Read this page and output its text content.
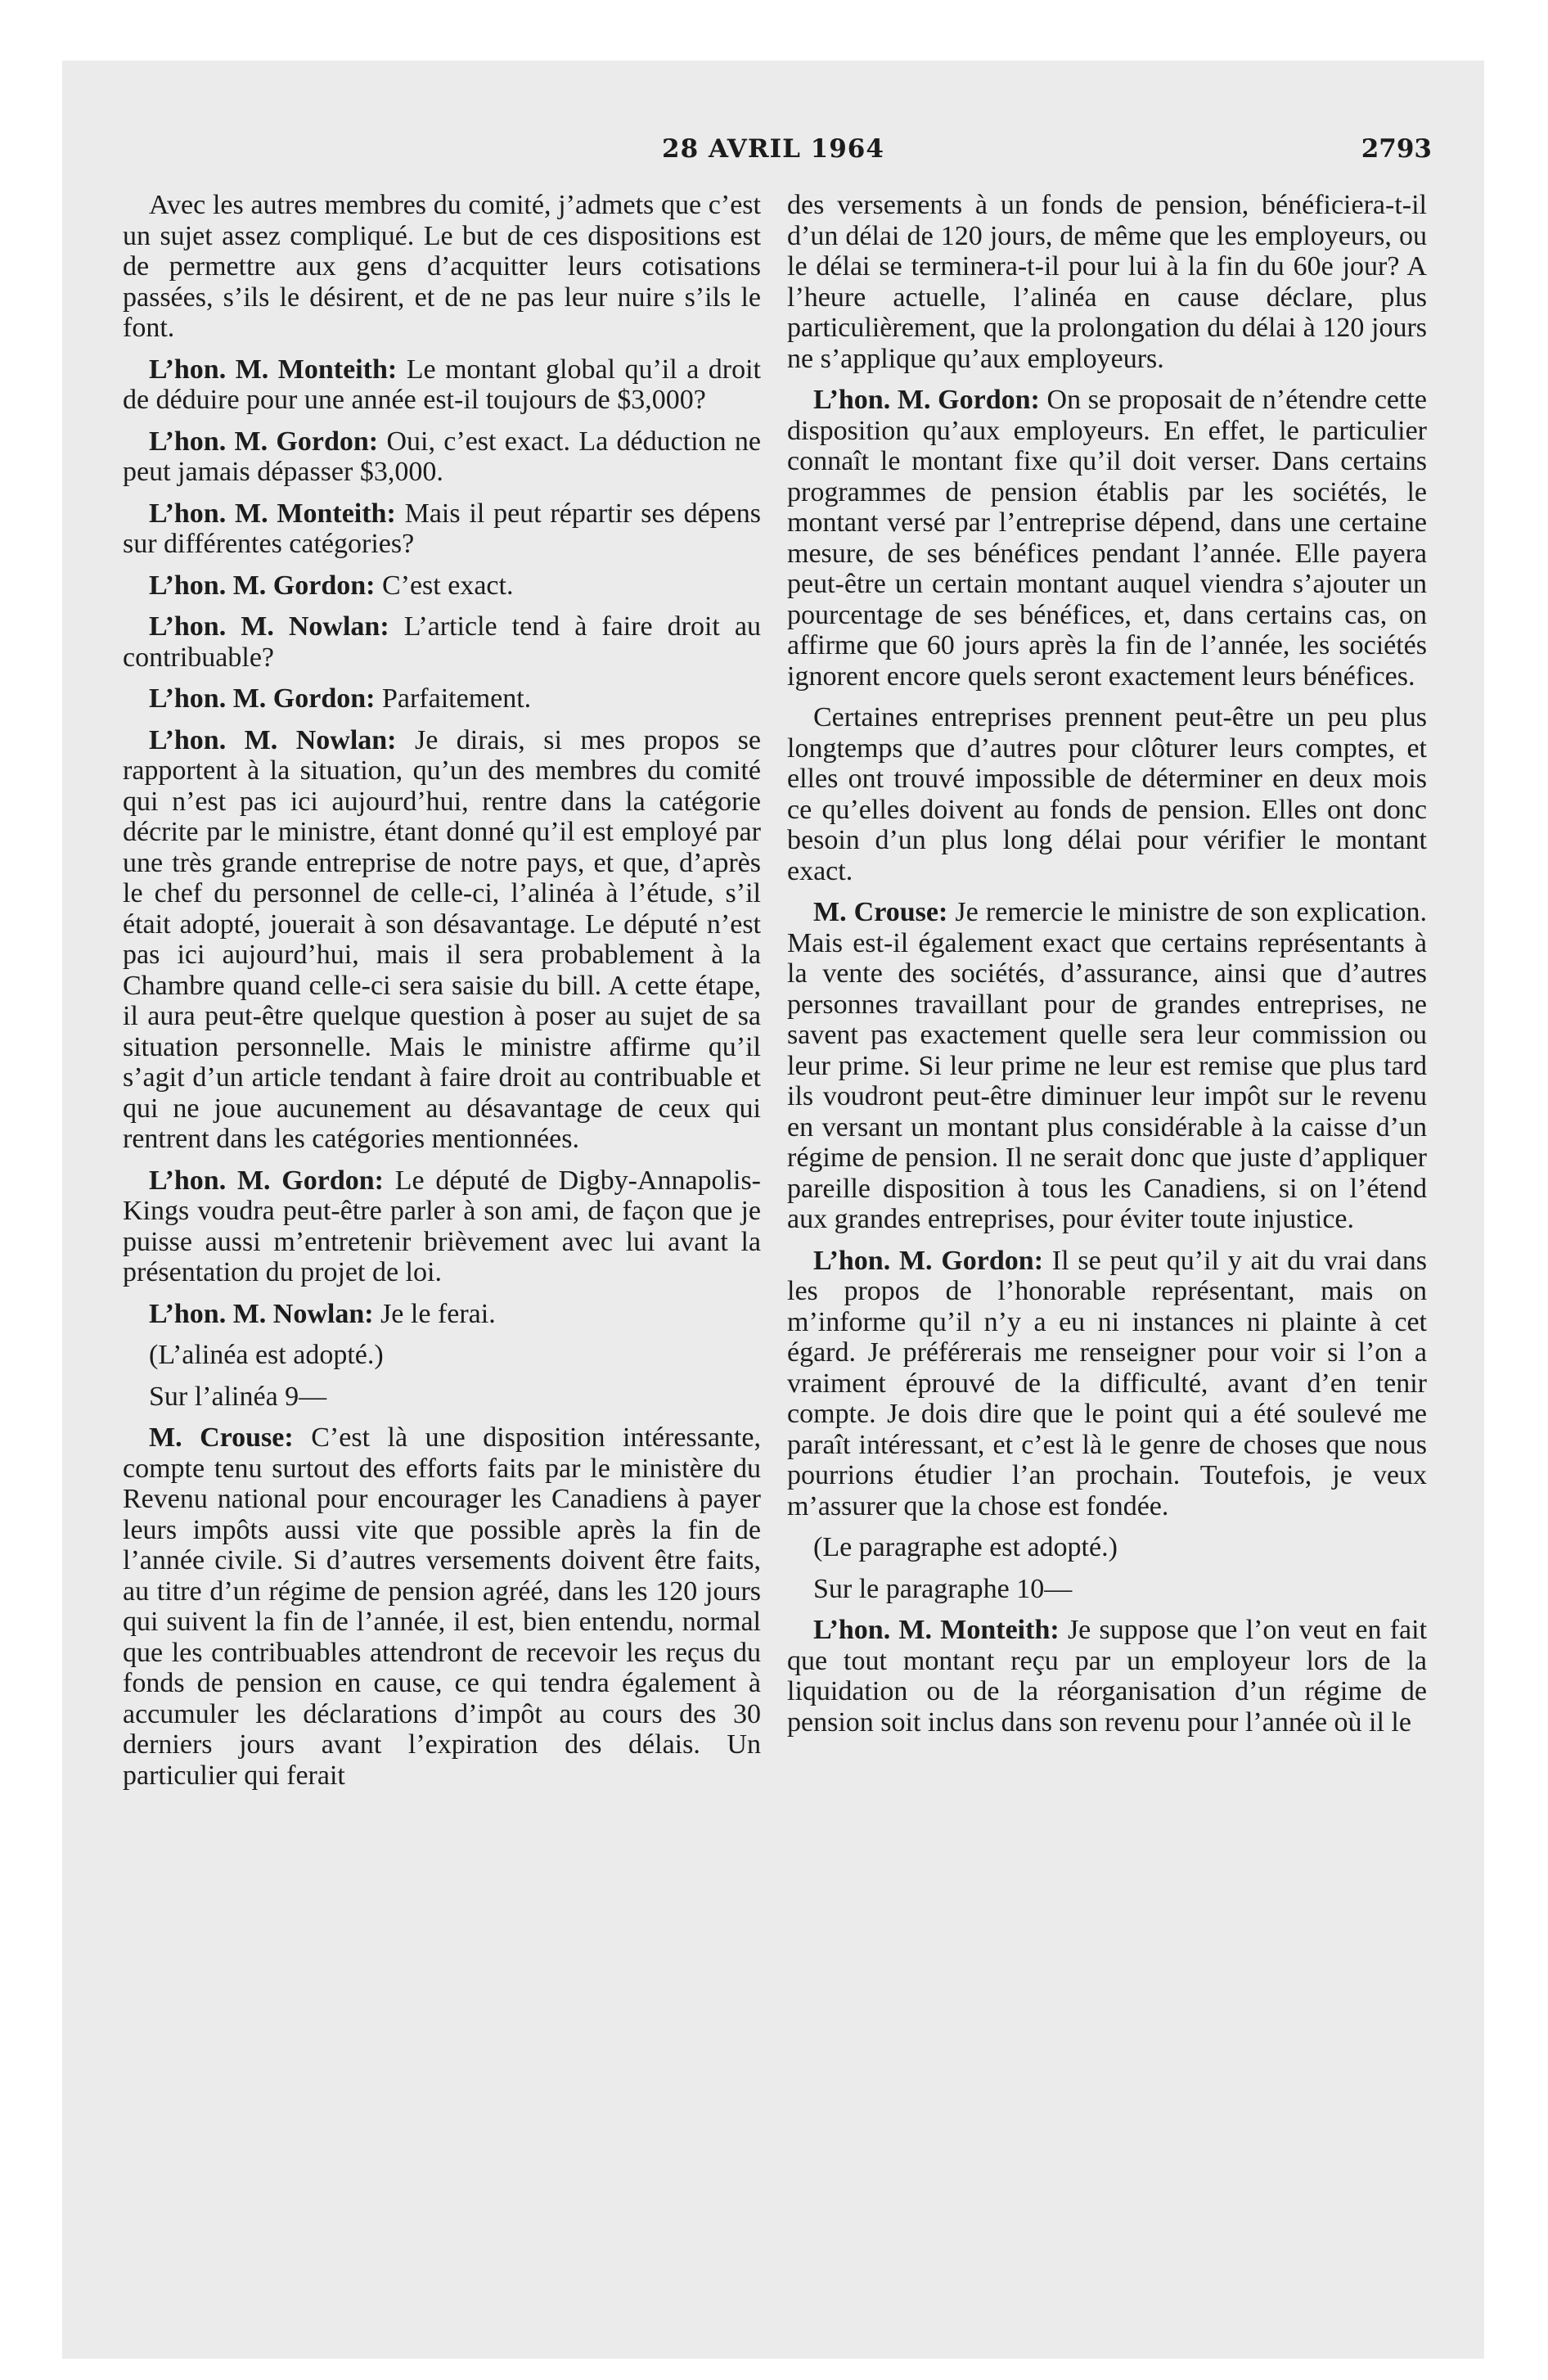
28 AVRIL 1964	2793

Avec les autres membres du comité, j’admets que c’est un sujet assez compliqué. Le but de ces dispositions est de permettre aux gens d’acquitter leurs cotisations passées, s’ils le désirent, et de ne pas leur nuire s’ils le font.

L’hon. M. Monteith: Le montant global qu’il a droit de déduire pour une année est-il toujours de $3,000?

L’hon. M. Gordon: Oui, c’est exact. La déduction ne peut jamais dépasser $3,000.

L’hon. M. Monteith: Mais il peut répartir ses dépens sur différentes catégories?

L’hon. M. Gordon: C’est exact.

L’hon. M. Nowlan: L’article tend à faire droit au contribuable?

L’hon. M. Gordon: Parfaitement.

L’hon. M. Nowlan: Je dirais, si mes propos se rapportent à la situation, qu’un des membres du comité qui n’est pas ici aujourd’hui, rentre dans la catégorie décrite par le ministre, étant donné qu’il est employé par une très grande entreprise de notre pays, et que, d’après le chef du personnel de celle-ci, l’alinéa à l’étude, s’il était adopté, jouerait à son désavantage. Le député n’est pas ici aujourd’hui, mais il sera probablement à la Chambre quand celle-ci sera saisie du bill. A cette étape, il aura peut-être quelque question à poser au sujet de sa situation personnelle. Mais le ministre affirme qu’il s’agit d’un article tendant à faire droit au contribuable et qui ne joue aucunement au désavantage de ceux qui rentrent dans les catégories mentionnées.

L’hon. M. Gordon: Le député de Digby-Annapolis-Kings voudra peut-être parler à son ami, de façon que je puisse aussi m’entretenir brièvement avec lui avant la présentation du projet de loi.

L’hon. M. Nowlan: Je le ferai.

(L’alinéa est adopté.)

Sur l’alinéa 9—

M. Crouse: C’est là une disposition intéressante, compte tenu surtout des efforts faits par le ministère du Revenu national pour encourager les Canadiens à payer leurs impôts aussi vite que possible après la fin de l’année civile. Si d’autres versements doivent être faits, au titre d’un régime de pension agréé, dans les 120 jours qui suivent la fin de l’année, il est, bien entendu, normal que les contribuables attendront de recevoir les reçus du fonds de pension en cause, ce qui tendra également à accumuler les déclarations d’impôt au cours des 30 derniers jours avant l’expiration des délais. Un particulier qui ferait

des versements à un fonds de pension, bénéficiera-t-il d’un délai de 120 jours, de même que les employeurs, ou le délai se terminera-t-il pour lui à la fin du 60e jour? A l’heure actuelle, l’alinéa en cause déclare, plus particulièrement, que la prolongation du délai à 120 jours ne s’applique qu’aux employeurs.

L’hon. M. Gordon: On se proposait de n’étendre cette disposition qu’aux employeurs. En effet, le particulier connaît le montant fixe qu’il doit verser. Dans certains programmes de pension établis par les sociétés, le montant versé par l’entreprise dépend, dans une certaine mesure, de ses bénéfices pendant l’année. Elle payera peut-être un certain montant auquel viendra s’ajouter un pourcentage de ses bénéfices, et, dans certains cas, on affirme que 60 jours après la fin de l’année, les sociétés ignorent encore quels seront exactement leurs bénéfices.

Certaines entreprises prennent peut-être un peu plus longtemps que d’autres pour clôturer leurs comptes, et elles ont trouvé impossible de déterminer en deux mois ce qu’elles doivent au fonds de pension. Elles ont donc besoin d’un plus long délai pour vérifier le montant exact.

M. Crouse: Je remercie le ministre de son explication. Mais est-il également exact que certains représentants à la vente des sociétés, d’assurance, ainsi que d’autres personnes travaillant pour de grandes entreprises, ne savent pas exactement quelle sera leur commission ou leur prime. Si leur prime ne leur est remise que plus tard ils voudront peut-être diminuer leur impôt sur le revenu en versant un montant plus considérable à la caisse d’un régime de pension. Il ne serait donc que juste d’appliquer pareille disposition à tous les Canadiens, si on l’étend aux grandes entreprises, pour éviter toute injustice.

L’hon. M. Gordon: Il se peut qu’il y ait du vrai dans les propos de l’honorable représentant, mais on m’informe qu’il n’y a eu ni instances ni plainte à cet égard. Je préférerais me renseigner pour voir si l’on a vraiment éprouvé de la difficulté, avant d’en tenir compte. Je dois dire que le point qui a été soulevé me paraît intéressant, et c’est là le genre de choses que nous pourrions étudier l’an prochain. Toutefois, je veux m’assurer que la chose est fondée.

(Le paragraphe est adopté.)

Sur le paragraphe 10—

L’hon. M. Monteith: Je suppose que l’on veut en fait que tout montant reçu par un employeur lors de la liquidation ou de la réorganisation d’un régime de pension soit inclus dans son revenu pour l’année où il le
